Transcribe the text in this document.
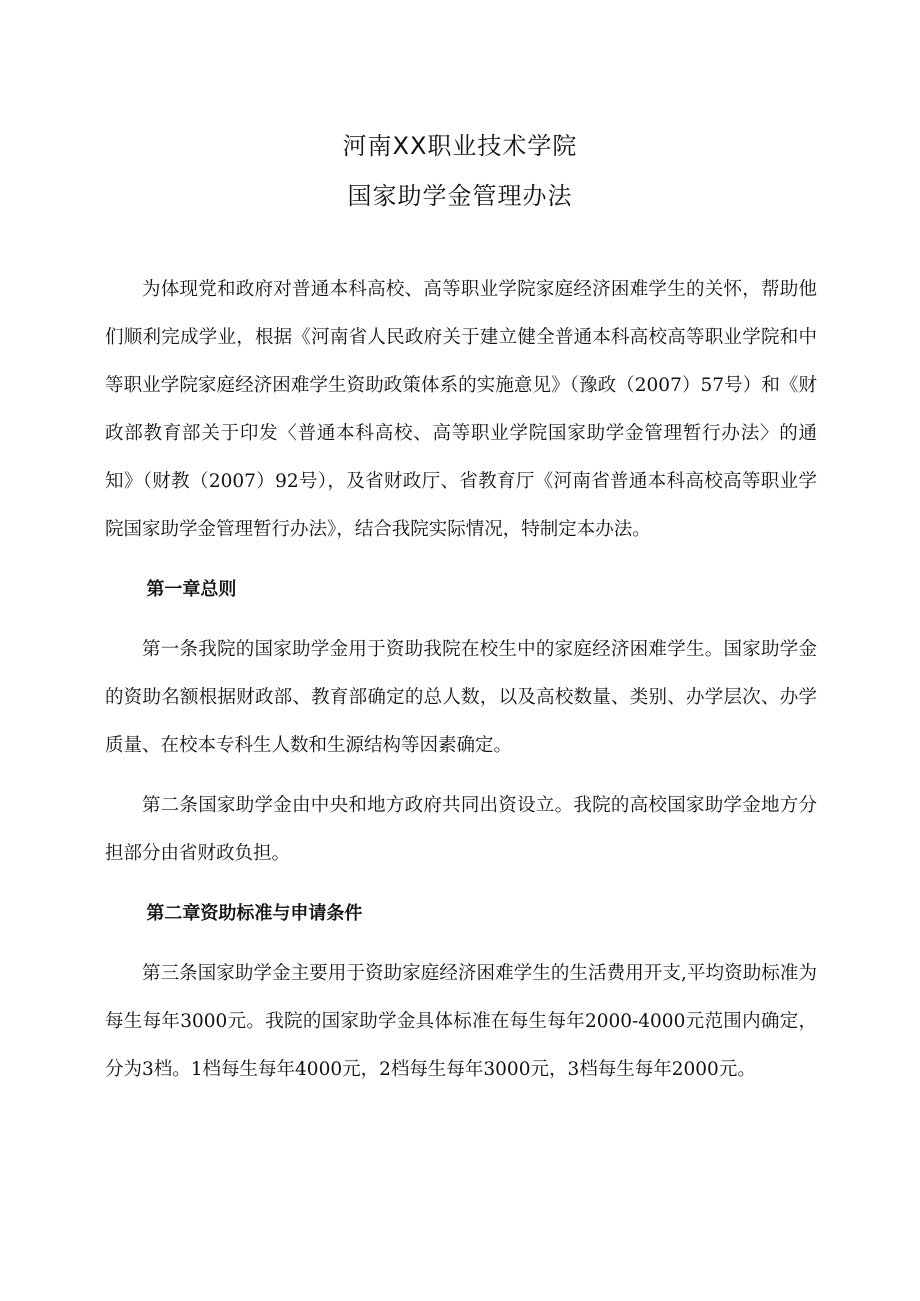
河南XX职业技术学院
国家助学金管理办法

为体现党和政府对普通本科高校、高等职业学院家庭经济困难学生的关怀，帮助他们顺利完成学业，根据《河南省人民政府关于建立健全普通本科高校高等职业学院和中等职业学院家庭经济困难学生资助政策体系的实施意见》（豫政（2007）57号）和《财政部教育部关于印发〈普通本科高校、高等职业学院国家助学金管理暂行办法〉的通知》（财教（2007）92号），及省财政厅、省教育厅《河南省普通本科高校高等职业学院国家助学金管理暂行办法》，结合我院实际情况，特制定本办法。

第一章总则

第一条我院的国家助学金用于资助我院在校生中的家庭经济困难学生。国家助学金的资助名额根据财政部、教育部确定的总人数，以及高校数量、类别、办学层次、办学质量、在校本专科生人数和生源结构等因素确定。

第二条国家助学金由中央和地方政府共同出资设立。我院的高校国家助学金地方分担部分由省财政负担。

第二章资助标准与申请条件

第三条国家助学金主要用于资助家庭经济困难学生的生活费用开支,平均资助标准为每生每年3000元。我院的国家助学金具体标准在每生每年2000-4000元范围内确定，分为3档。1档每生每年4000元，2档每生每年3000元，3档每生每年2000元。
